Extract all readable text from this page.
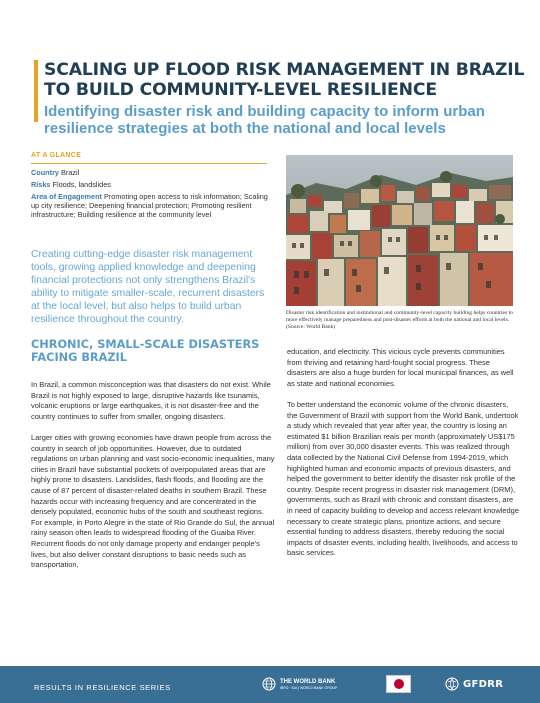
SCALING UP FLOOD RISK MANAGEMENT IN BRAZIL TO BUILD COMMUNITY-LEVEL RESILIENCE
Identifying disaster risk and building capacity to inform urban resilience strategies at both the national and local levels
AT A GLANCE
Country Brazil
Risks Floods, landslides
Area of Engagement Promoting open access to risk information; Scaling up city resilience; Deepening financial protection; Promoting resilient infrastructure; Building resilience at the community level

Creating cutting-edge disaster risk management tools, growing applied knowledge and deepening financial protections not only strengthens Brazil's ability to mitigate smaller-scale, recurrent disasters at the local level, but also helps to build urban resilience throughout the country.

CHRONIC, SMALL-SCALE DISASTERS FACING BRAZIL

In Brazil, a common misconception was that disasters do not exist. While Brazil is not highly exposed to large, disruptive hazards like tsunamis, volcanic eruptions or large earthquakes, it is not disaster-free and the country continues to suffer from smaller, ongoing disasters.

Larger cities with growing economies have drawn people from across the country in search of job opportunities. However, due to outdated regulations on urban planning and vast socio-economic inequalities, many cities in Brazil have substantial pockets of overpopulated areas that are highly prone to disasters. Landslides, flash floods, and flooding are the cause of 87 percent of disaster-related deaths in southern Brazil. These hazards occur with increasing frequency and are concentrated in the densely populated, economic hubs of the south and southeast regions. For example, in Porto Alegre in the state of Rio Grande do Sul, the annual rainy season often leads to widespread flooding of the Guaiba River. Recurrent floods do not only damage property and endanger people's lives, but also deliver constant disruptions to basic needs such as transportation,

Disaster risk identification and institutional and community-level capacity building helps countries to more effectively manage preparedness and post-disaster efforts at both the national and local levels. (Source: World Bank)

education, and electricity. This vicious cycle prevents communities from thriving and retaining hard-fought social progress. These disasters are also a huge burden for local municipal finances, as well as state and national economies.

To better understand the economic volume of the chronic disasters, the Government of Brazil with support from the World Bank, undertook a study which revealed that year after year, the country is losing an estimated $1 billion Brazilian reais per month (approximately US$175 million) from over 30,000 disaster events. This was realized through data collected by the National Civil Defense from 1994-2019, which highlighted human and economic impacts of previous disasters, and helped the government to better identify the disaster risk profile of the country. Despite recent progress in disaster risk management (DRM), governments, such as Brazil with chronic and constant disasters, are in need of capacity building to develop and access relevant knowledge necessary to create strategic plans, prioritize actions, and secure essential funding to address disasters, thereby reducing the social impacts of disaster events, including health, livelihoods, and access to basic services.

RESULTS IN RESILIENCE SERIES
THE WORLD BANK
IBRD · IDA | WORLD BANK GROUP	GFDRR
